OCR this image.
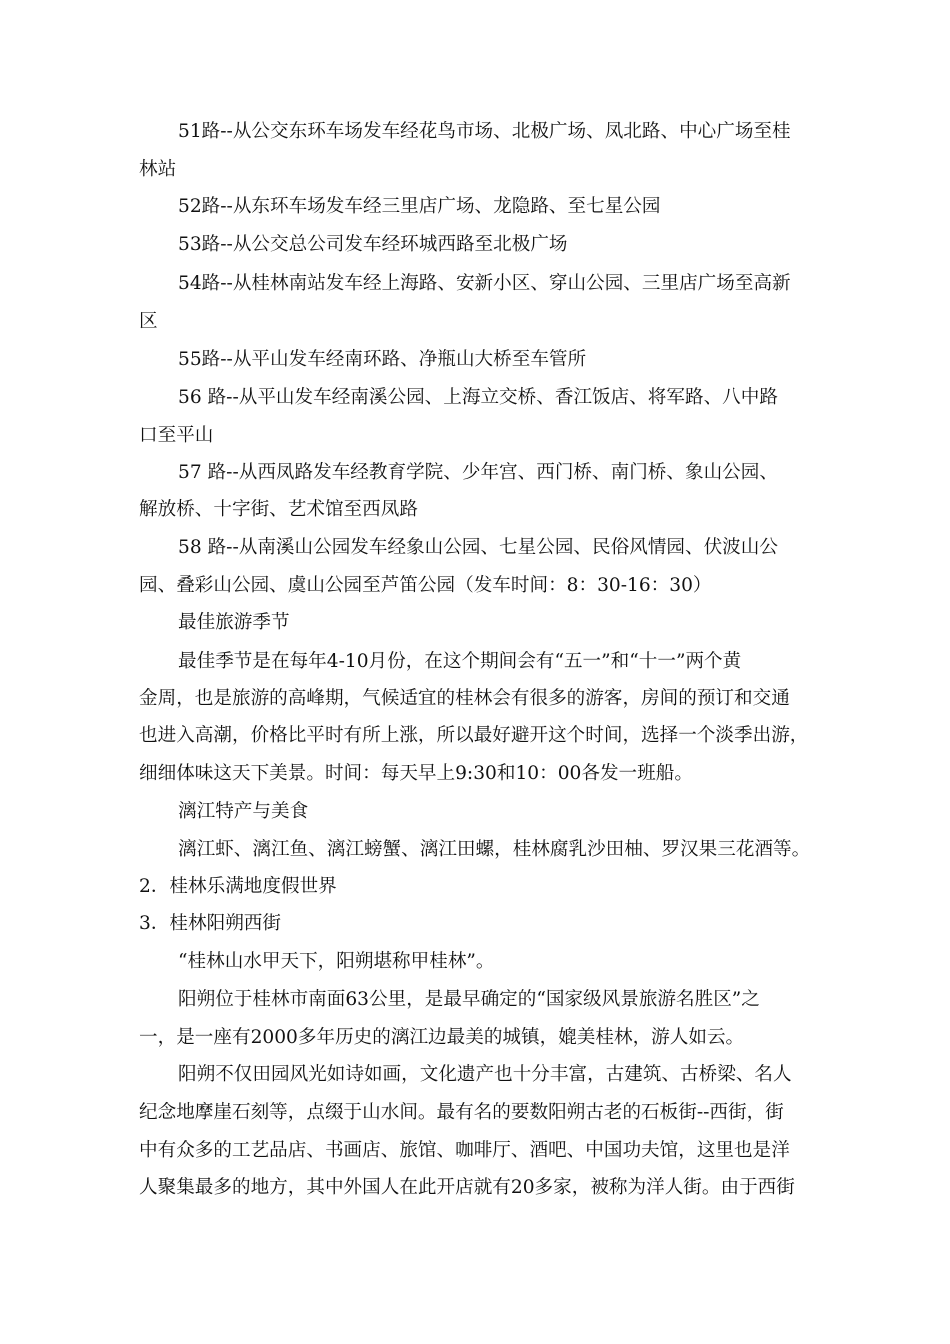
51路--从公交东环车场发车经花鸟市场、北极广场、凤北路、中心广场至桂
林站
52路--从东环车场发车经三里店广场、龙隐路、至七星公园
53路--从公交总公司发车经环城西路至北极广场
54路--从桂林南站发车经上海路、安新小区、穿山公园、三里店广场至高新
区
55路--从平山发车经南环路、净瓶山大桥至车管所
56 路--从平山发车经南溪公园、上海立交桥、香江饭店、将军路、八中路
口至平山
57 路--从西凤路发车经教育学院、少年宫、西门桥、南门桥、象山公园、
解放桥、十字街、艺术馆至西凤路
58 路--从南溪山公园发车经象山公园、七星公园、民俗风情园、伏波山公
园、叠彩山公园、虞山公园至芦笛公园（发车时间：8：30-16：30）
最佳旅游季节
最佳季节是在每年4-10月份，在这个期间会有“五一”和“十一”两个黄
金周，也是旅游的高峰期，气候适宜的桂林会有很多的游客，房间的预订和交通
也进入高潮，价格比平时有所上涨，所以最好避开这个时间，选择一个淡季出游，
细细体味这天下美景。时间：每天早上9:30和10：00各发一班船。
漓江特产与美食
漓江虾、漓江鱼、漓江螃蟹、漓江田螺，桂林腐乳沙田柚、罗汉果三花酒等。
2．桂林乐满地度假世界
3．桂林阳朔西街
“桂林山水甲天下，阳朔堪称甲桂林”。
阳朔位于桂林市南面63公里，是最早确定的“国家级风景旅游名胜区”之
一，是一座有2000多年历史的漓江边最美的城镇，媲美桂林，游人如云。
阳朔不仅田园风光如诗如画，文化遗产也十分丰富，古建筑、古桥梁、名人
纪念地摩崖石刻等，点缀于山水间。最有名的要数阳朔古老的石板街--西街，街
中有众多的工艺品店、书画店、旅馆、咖啡厅、酒吧、中国功夫馆，这里也是洋
人聚集最多的地方，其中外国人在此开店就有20多家，被称为洋人街。由于西街
